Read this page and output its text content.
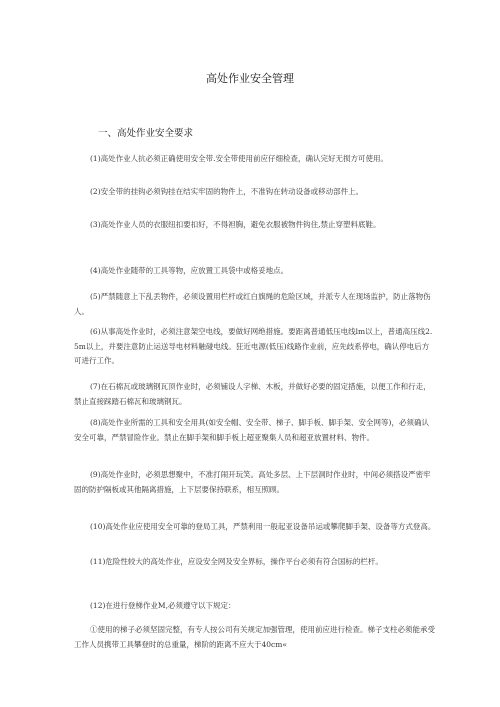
高处作业安全管理
一、高处作业安全要求

(1)高处作业人抗必须正确使用安全带.安全带使用前应仔细检查，确认完好无损方可使用。

(2)安全带的挂钩必须钩挂在结实牢固的物件上，不准钩在转动设备或移动部件上。

(3)高处作业人员的衣服纽扣要扣好，不得袒胸，避免衣服被物件钩住,禁止穿塑料底鞋。

(4)高处作业随带的工具等物，应放置工具袋中或格妥地点。

(5)严禁随意上下乱丢物件，必须设置用栏杆或红白旗绳的危险区域，并派专人在现场监护，防止落物伤人。

(6)从事高处作业时，必须注意架空电线，要做好网绝措施。要距离普通低压电线lm以上，普通高压线2.5m以上，并要注意防止运送导电材料触碰电线。狂近电源(低压)线路作业前，应先歧系停电，确认停电后方可进行工作。

(7)在石棉瓦或玻璃钢瓦顶作业时，必须铺设人字梯、木板，并做好必要的固定措施，以便工作和行走，禁止直接踩踏石棉瓦和玻璃钢瓦。

(8)高处作业所需的工具和安全用具(如安全帽、安全带、梯子、脚手板、脚手架、安全网等)，必须确认安全可靠，严禁冒险作业。禁止在脚手架和脚手板上超亚聚集人员和超亚放置材料、物件。

(9)高处作业时，必须思想聚中，不准打闹开玩笑。高处多层、上下层洞时作业时，中间必须搭设严密牢固的防护隔板或其他隔离措施，上下层要保持联系，相互照顾。

(10)高处作业应使用安全可靠的登局工具，严禁利用一般起亚设备吊运或攀爬脚手架、设备等方式登高。

(11)危险性较大的高处作业，应设安全网及安全界标，操作平台必须有符合国标的栏杆。

(12)在进行登梯作业M,必须遵守以下规定：

①使用的梯子必须坚固完整，有专人按公司有关规定加强管理，使用前应进行检查。梯子支柱必须能承受工作人员携带工具攀登时的总重量，梯阶的距离不应大于40cm«
